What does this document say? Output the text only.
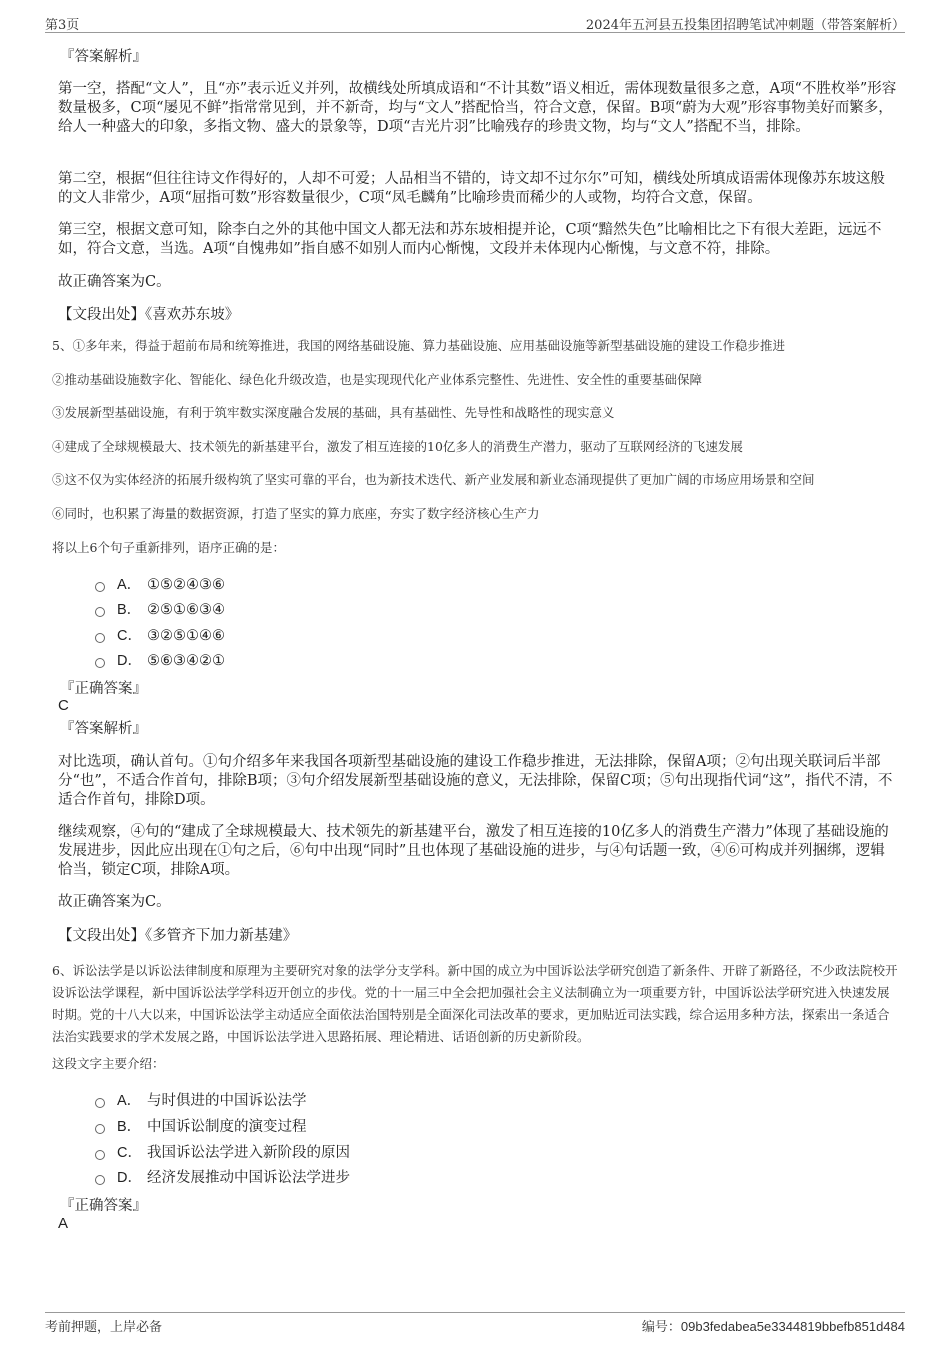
第3页	2024年五河县五投集团招聘笔试冲刺题（带答案解析）
『答案解析』
第一空，搭配“文人”，且“亦”表示近义并列，故横线处所填成语和“不计其数”语义相近，需体现数量很多之意，A项“不胜枚举”形容数量极多，C项“屡见不鲜”指常常见到，并不新奇，均与“文人”搭配恰当，符合文意，保留。B项“蔚为大观”形容事物美好而繁多，给人一种盛大的印象，多指文物、盛大的景象等，D项“吉光片羽”比喻残存的珍贵文物，均与“文人”搭配不当，排除。
第二空，根据“但往往诗文作得好的，人却不可爱；人品相当不错的，诗文却不过尔尔”可知，横线处所填成语需体现像苏东坡这般的文人非常少，A项“屈指可数”形容数量很少，C项“凤毛麟角”比喻珍贵而稀少的人或物，均符合文意，保留。
第三空，根据文意可知，除李白之外的其他中国文人都无法和苏东坡相提并论，C项“黯然失色”比喻相比之下有很大差距，远远不如，符合文意，当选。A项“自愧弗如”指自感不如别人而内心惭愧，文段并未体现内心惭愧，与文意不符，排除。
故正确答案为C。
【文段出处】《喜欢苏东坡》
5、①多年来，得益于超前布局和统筹推进，我国的网络基础设施、算力基础设施、应用基础设施等新型基础设施的建设工作稳步推进
②推动基础设施数字化、智能化、绿色化升级改造，也是实现现代化产业体系完整性、先进性、安全性的重要基础保障
③发展新型基础设施，有利于筑牢数实深度融合发展的基础，具有基础性、先导性和战略性的现实意义
④建成了全球规模最大、技术领先的新基建平台，激发了相互连接的10亿多人的消费生产潜力，驱动了互联网经济的飞速发展
⑤这不仅为实体经济的拓展升级构筑了坚实可靠的平台，也为新技术迭代、新产业发展和新业态涌现提供了更加广阔的市场应用场景和空间
⑥同时，也积累了海量的数据资源，打造了坚实的算力底座，夯实了数字经济核心生产力
将以上6个句子重新排列，语序正确的是：
A． ①⑤②④③⑥
B． ②⑤①⑥③④
C． ③②⑤①④⑥
D． ⑤⑥③④②①
『正确答案』
C
『答案解析』
对比选项，确认首句。①句介绍多年来我国各项新型基础设施的建设工作稳步推进，无法排除，保留A项；②句出现关联词后半部分“也”，不适合作首句，排除B项；③句介绍发展新型基础设施的意义，无法排除，保留C项；⑤句出现指代词“这”，指代不清，不适合作首句，排除D项。
继续观察，④句的“建成了全球规模最大、技术领先的新基建平台，激发了相互连接的10亿多人的消费生产潜力”体现了基础设施的发展进步，因此应出现在①句之后，⑥句中出现“同时”且也体现了基础设施的进步，与④句话题一致，④⑥可构成并列捆绑，逻辑恰当，锁定C项，排除A项。
故正确答案为C。
【文段出处】《多管齐下加力新基建》
6、诉讼法学是以诉讼法律制度和原理为主要研究对象的法学分支学科。新中国的成立为中国诉讼法学研究创造了新条件、开辟了新路径，不少政法院校开设诉讼法学课程，新中国诉讼法学学科迈开创立的步伐。党的十一届三中全会把加强社会主义法制确立为一项重要方针，中国诉讼法学研究进入快速发展时期。党的十八大以来，中国诉讼法学主动适应全面依法治国特别是全面深化司法改革的要求，更加贴近司法实践，综合运用多种方法，探索出一条适合法治实践要求的学术发展之路，中国诉讼法学进入思路拓展、理论精进、话语创新的历史新阶段。
这段文字主要介绍：
A． 与时俱进的中国诉讼法学
B． 中国诉讼制度的演变过程
C． 我国诉讼法学进入新阶段的原因
D． 经济发展推动中国诉讼法学进步
『正确答案』
A
考前押题，上岸必备	编号：09b3fedabea5e3344819bbefb851d484
